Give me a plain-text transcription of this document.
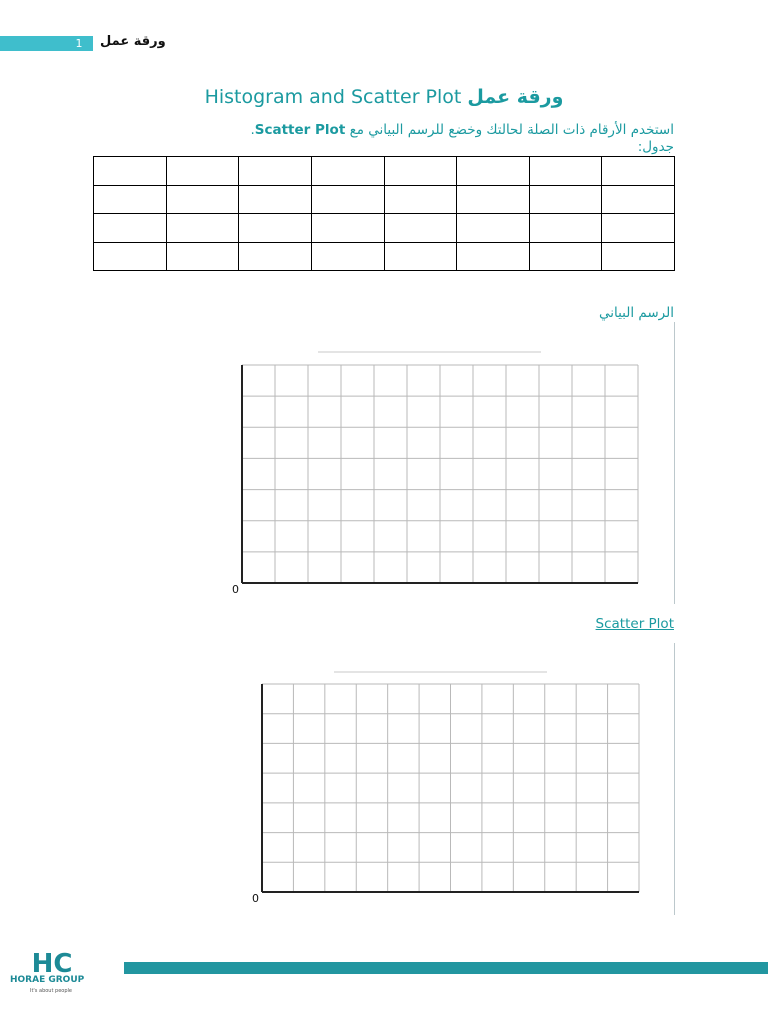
1	ورقة عمل
Histogram and Scatter Plot ورقة عمل
استخدم الأرقام ذات الصلة لحالتك وخضع للرسم البياني مع Scatter Plot.
جدول:

الرسم البياني
0
Scatter Plot
0
HC
HORAE GROUP
It's about people
